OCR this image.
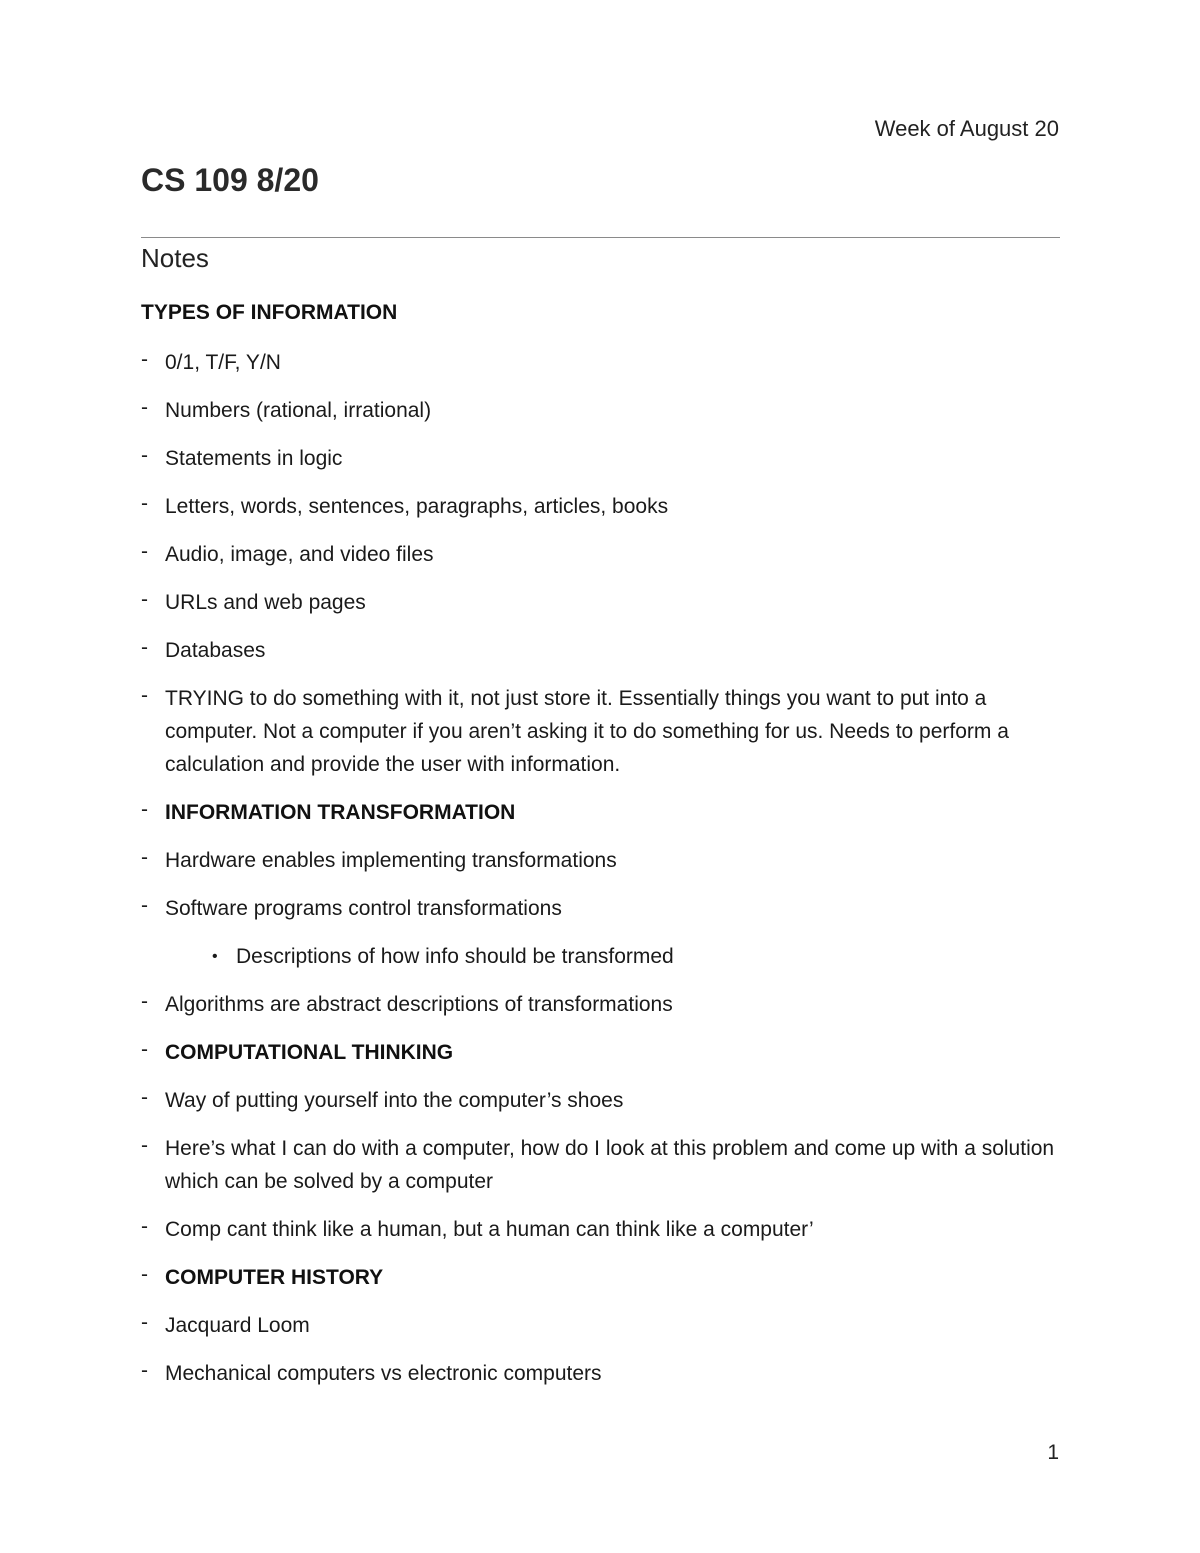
Week of August 20
CS 109 8/20
Notes
TYPES OF INFORMATION
- 0/1, T/F, Y/N
- Numbers (rational, irrational)
- Statements in logic
- Letters, words, sentences, paragraphs, articles, books
- Audio, image, and video files
- URLs and web pages
- Databases
- TRYING to do something with it, not just store it. Essentially things you want to put into a computer. Not a computer if you aren’t asking it to do something for us. Needs to perform a calculation and provide the user with information.
- INFORMATION TRANSFORMATION
- Hardware enables implementing transformations
- Software programs control transformations
• Descriptions of how info should be transformed
- Algorithms are abstract descriptions of transformations
- COMPUTATIONAL THINKING
- Way of putting yourself into the computer’s shoes
- Here’s what I can do with a computer, how do I look at this problem and come up with a solution which can be solved by a computer
- Comp cant think like a human, but a human can think like a computer’
- COMPUTER HISTORY
- Jacquard Loom
- Mechanical computers vs electronic computers
1
